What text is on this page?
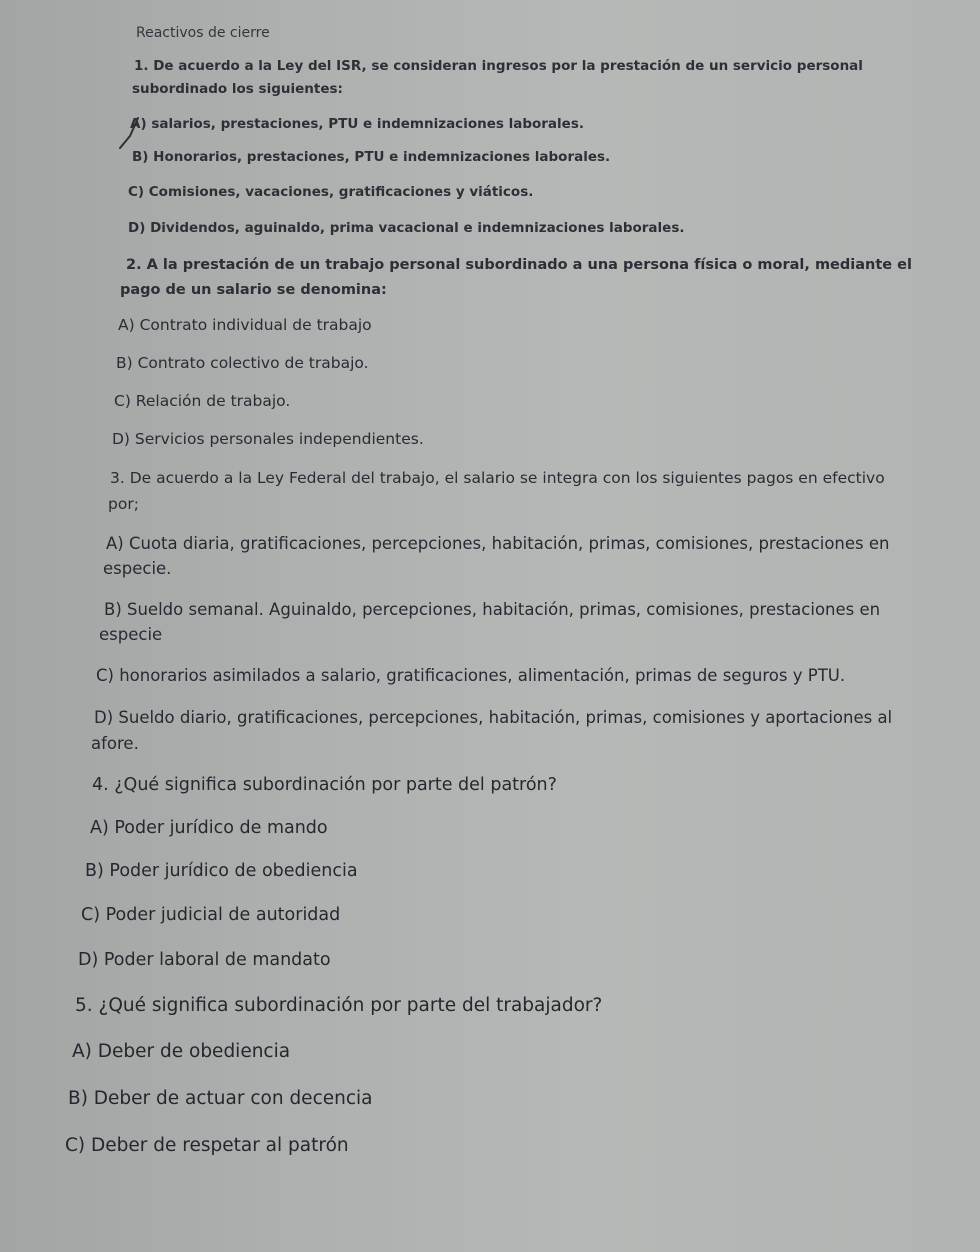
Reactivos de cierre
1. De acuerdo a la Ley del ISR, se consideran ingresos por la prestación de un servicio personal
subordinado los siguientes:
A) salarios, prestaciones, PTU e indemnizaciones laborales.
B) Honorarios, prestaciones, PTU e indemnizaciones laborales.
C) Comisiones, vacaciones, gratificaciones y viáticos.
D) Dividendos, aguinaldo, prima vacacional e indemnizaciones laborales.
2. A la prestación de un trabajo personal subordinado a una persona física o moral, mediante el
pago de un salario se denomina:
A) Contrato individual de trabajo
B) Contrato colectivo de trabajo.
C) Relación de trabajo.
D) Servicios personales independientes.
3. De acuerdo a la Ley Federal del trabajo, el salario se integra con los siguientes pagos en efectivo
por;
A) Cuota diaria, gratificaciones, percepciones, habitación, primas, comisiones, prestaciones en
especie.
B) Sueldo semanal. Aguinaldo, percepciones, habitación, primas, comisiones, prestaciones en
especie
C) honorarios asimilados a salario, gratificaciones, alimentación, primas de seguros y PTU.
D) Sueldo diario, gratificaciones, percepciones, habitación, primas, comisiones y aportaciones al
afore.
4. ¿Qué significa subordinación por parte del patrón?
A) Poder jurídico de mando
B) Poder jurídico de obediencia
C) Poder judicial de autoridad
D) Poder laboral de mandato
5. ¿Qué significa subordinación por parte del trabajador?
A) Deber de obediencia
B) Deber de actuar con decencia
C) Deber de respetar al patrón
